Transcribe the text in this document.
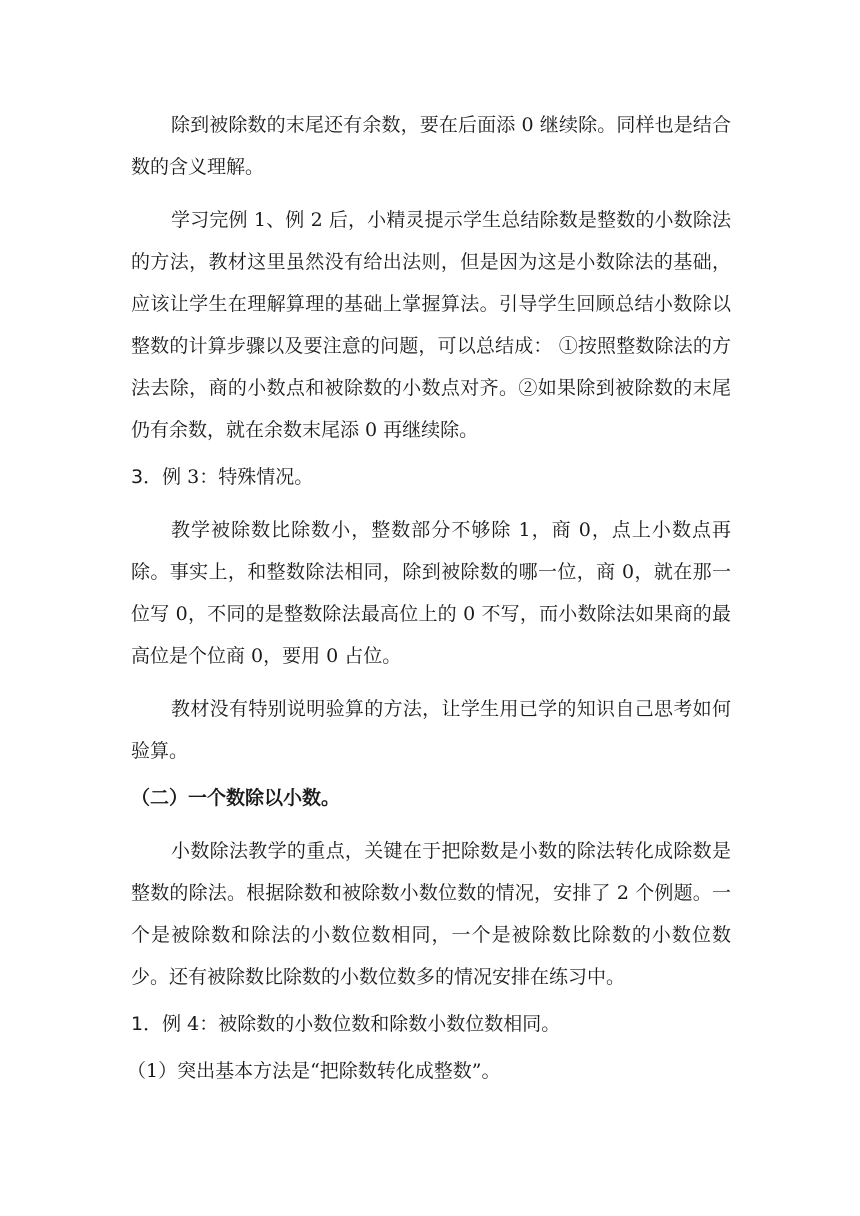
除到被除数的末尾还有余数，要在后面添 0 继续除。同样也是结合数的含义理解。

学习完例 1、例 2 后，小精灵提示学生总结除数是整数的小数除法的方法，教材这里虽然没有给出法则，但是因为这是小数除法的基础，应该让学生在理解算理的基础上掌握算法。引导学生回顾总结小数除以整数的计算步骤以及要注意的问题，可以总结成： ①按照整数除法的方法去除，商的小数点和被除数的小数点对齐。②如果除到被除数的末尾仍有余数，就在余数末尾添 0 再继续除。

3．例 3：特殊情况。

教学被除数比除数小，整数部分不够除 1，商 0，点上小数点再除。事实上，和整数除法相同，除到被除数的哪一位，商 0，就在那一位写 0，不同的是整数除法最高位上的 0 不写，而小数除法如果商的最高位是个位商 0，要用 0 占位。

教材没有特别说明验算的方法，让学生用已学的知识自己思考如何验算。

（二）一个数除以小数。

小数除法教学的重点，关键在于把除数是小数的除法转化成除数是整数的除法。根据除数和被除数小数位数的情况，安排了 2 个例题。一个是被除数和除法的小数位数相同，一个是被除数比除数的小数位数少。还有被除数比除数的小数位数多的情况安排在练习中。

1．例 4：被除数的小数位数和除数小数位数相同。

（1）突出基本方法是“把除数转化成整数”。
